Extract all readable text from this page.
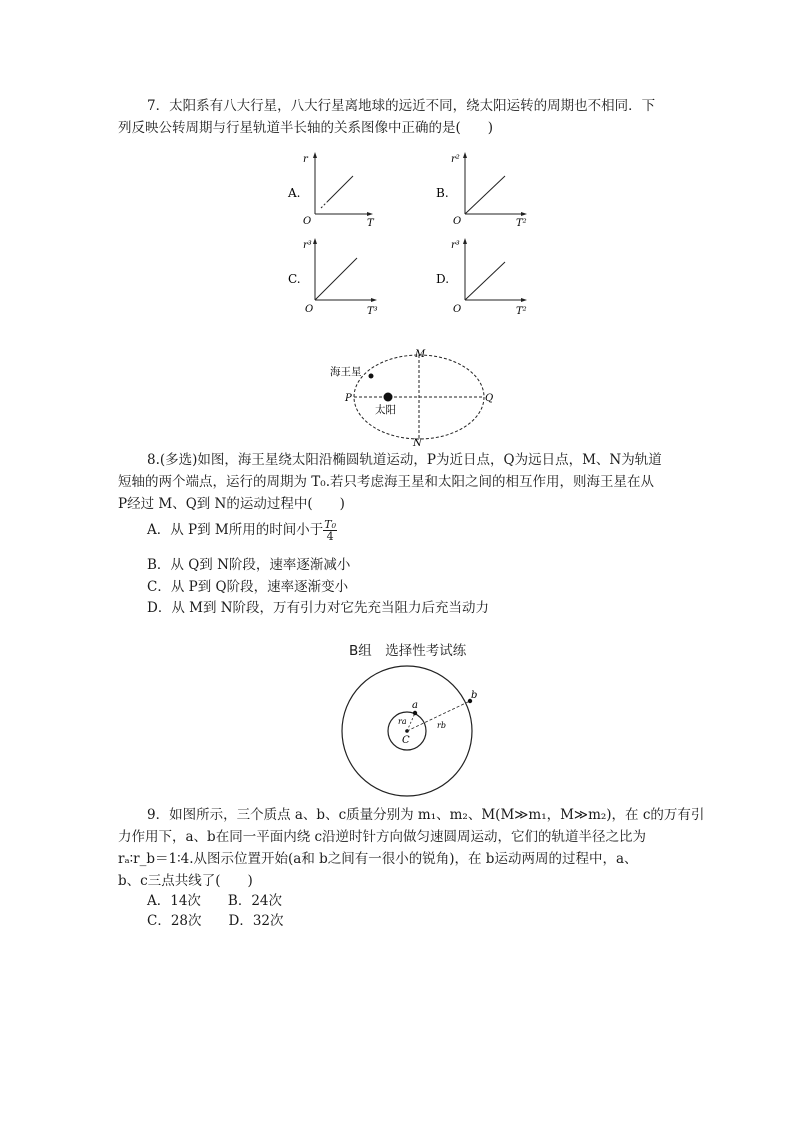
7．太阳系有八大行星，八大行星离地球的远近不同，绕太阳运转的周期也不相同．下
列反映公转周期与行星轨道半长轴的关系图像中正确的是(　　)
A.
r
O	T
B.
r²
O	T²
C.
r³
O	T³
D.
r³
O	T²
海王星
太阳
P	Q
M
N
8.(多选)如图，海王星绕太阳沿椭圆轨道运动，P为近日点，Q为远日点，M、N为轨道
短轴的两个端点，运行的周期为 T₀.若只考虑海王星和太阳之间的相互作用，则海王星在从
P经过 M、Q到 N的运动过程中(　　)
A．从 P到 M所用的时间小于 $\frac{\text{T₀}}{4}$
B．从 Q到 N阶段，速率逐渐减小
C．从 P到 Q阶段，速率逐渐变小
D．从 M到 N阶段，万有引力对它先充当阻力后充当动力
B组　选择性考试练
a
b
C
ra	rb
9．如图所示，三个质点 a、b、c质量分别为 m₁、m₂、M(M≫m₁，M≫m₂)，在 c的万有引
力作用下，a、b在同一平面内绕 c沿逆时针方向做匀速圆周运动，它们的轨道半径之比为
rₐ∶r_b＝1∶4.从图示位置开始(a和 b之间有一很小的锐角)，在 b运动两周的过程中，a、
b、c三点共线了(　　)
A．14次　　B．24次
C．28次　　D．32次
